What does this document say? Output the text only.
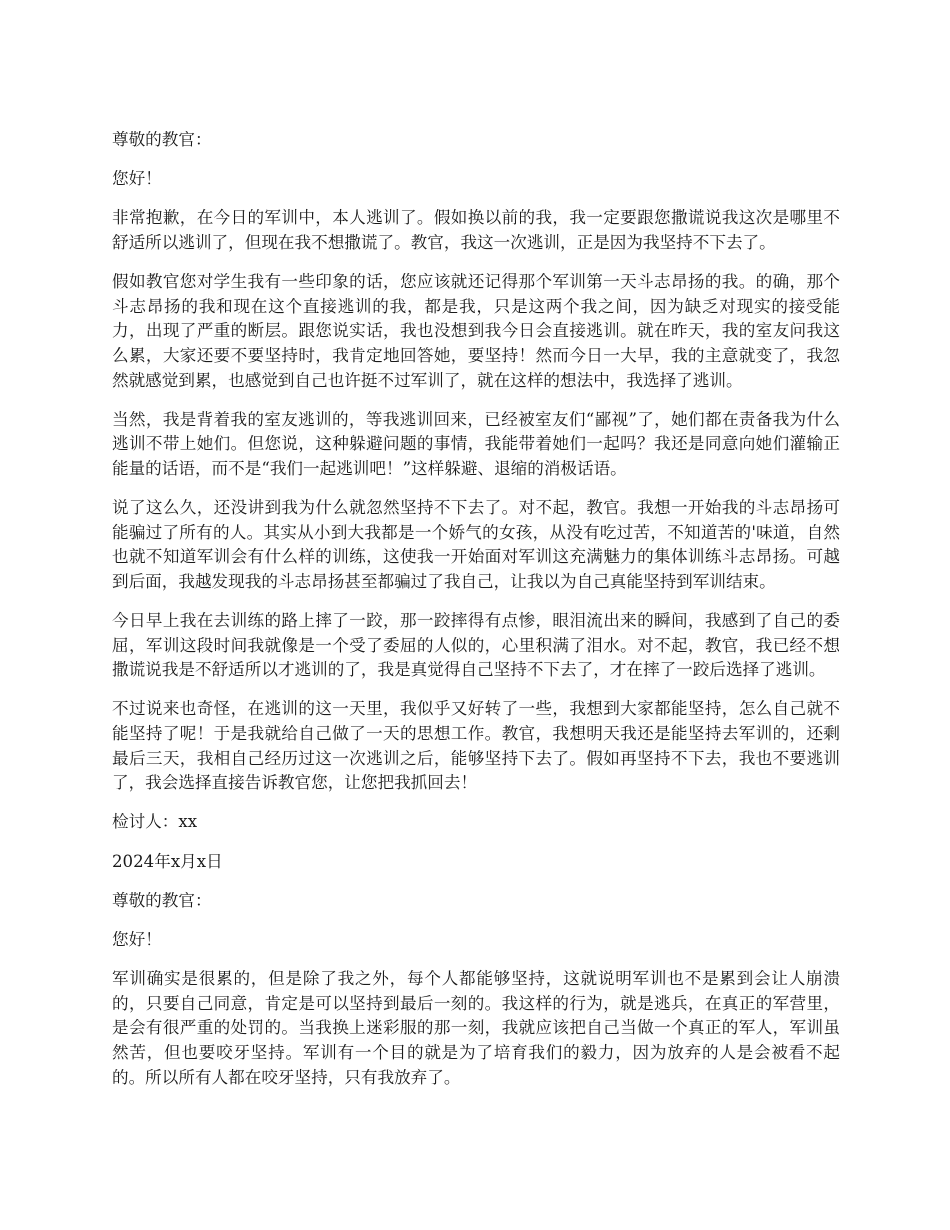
尊敬的教官：

您好！

非常抱歉，在今日的军训中，本人逃训了。假如换以前的我，我一定要跟您撒谎说我这次是哪里不舒适所以逃训了，但现在我不想撒谎了。教官，我这一次逃训，正是因为我坚持不下去了。

假如教官您对学生我有一些印象的话，您应该就还记得那个军训第一天斗志昂扬的我。的确，那个斗志昂扬的我和现在这个直接逃训的我，都是我，只是这两个我之间，因为缺乏对现实的接受能力，出现了严重的断层。跟您说实话，我也没想到我今日会直接逃训。就在昨天，我的室友问我这么累，大家还要不要坚持时，我肯定地回答她，要坚持！然而今日一大早，我的主意就变了，我忽然就感觉到累，也感觉到自己也许挺不过军训了，就在这样的想法中，我选择了逃训。

当然，我是背着我的室友逃训的，等我逃训回来，已经被室友们“鄙视”了，她们都在责备我为什么逃训不带上她们。但您说，这种躲避问题的事情，我能带着她们一起吗？我还是同意向她们灌输正能量的话语，而不是“我们一起逃训吧！”这样躲避、退缩的消极话语。

说了这么久，还没讲到我为什么就忽然坚持不下去了。对不起，教官。我想一开始我的斗志昂扬可能骗过了所有的人。其实从小到大我都是一个娇气的女孩，从没有吃过苦，不知道苦的'味道，自然也就不知道军训会有什么样的训练，这使我一开始面对军训这充满魅力的集体训练斗志昂扬。可越到后面，我越发现我的斗志昂扬甚至都骗过了我自己，让我以为自己真能坚持到军训结束。

今日早上我在去训练的路上摔了一跤，那一跤摔得有点惨，眼泪流出来的瞬间，我感到了自己的委屈，军训这段时间我就像是一个受了委屈的人似的，心里积满了泪水。对不起，教官，我已经不想撒谎说我是不舒适所以才逃训的了，我是真觉得自己坚持不下去了，才在摔了一跤后选择了逃训。

不过说来也奇怪，在逃训的这一天里，我似乎又好转了一些，我想到大家都能坚持，怎么自己就不能坚持了呢！于是我就给自己做了一天的思想工作。教官，我想明天我还是能坚持去军训的，还剩最后三天，我相自己经历过这一次逃训之后，能够坚持下去了。假如再坚持不下去，我也不要逃训了，我会选择直接告诉教官您，让您把我抓回去！

检讨人：xx

2024年x月x日

尊敬的教官：

您好！

军训确实是很累的，但是除了我之外，每个人都能够坚持，这就说明军训也不是累到会让人崩溃的，只要自己同意，肯定是可以坚持到最后一刻的。我这样的行为，就是逃兵，在真正的军营里，是会有很严重的处罚的。当我换上迷彩服的那一刻，我就应该把自己当做一个真正的军人，军训虽然苦，但也要咬牙坚持。军训有一个目的就是为了培育我们的毅力，因为放弃的人是会被看不起的。所以所有人都在咬牙坚持，只有我放弃了。
